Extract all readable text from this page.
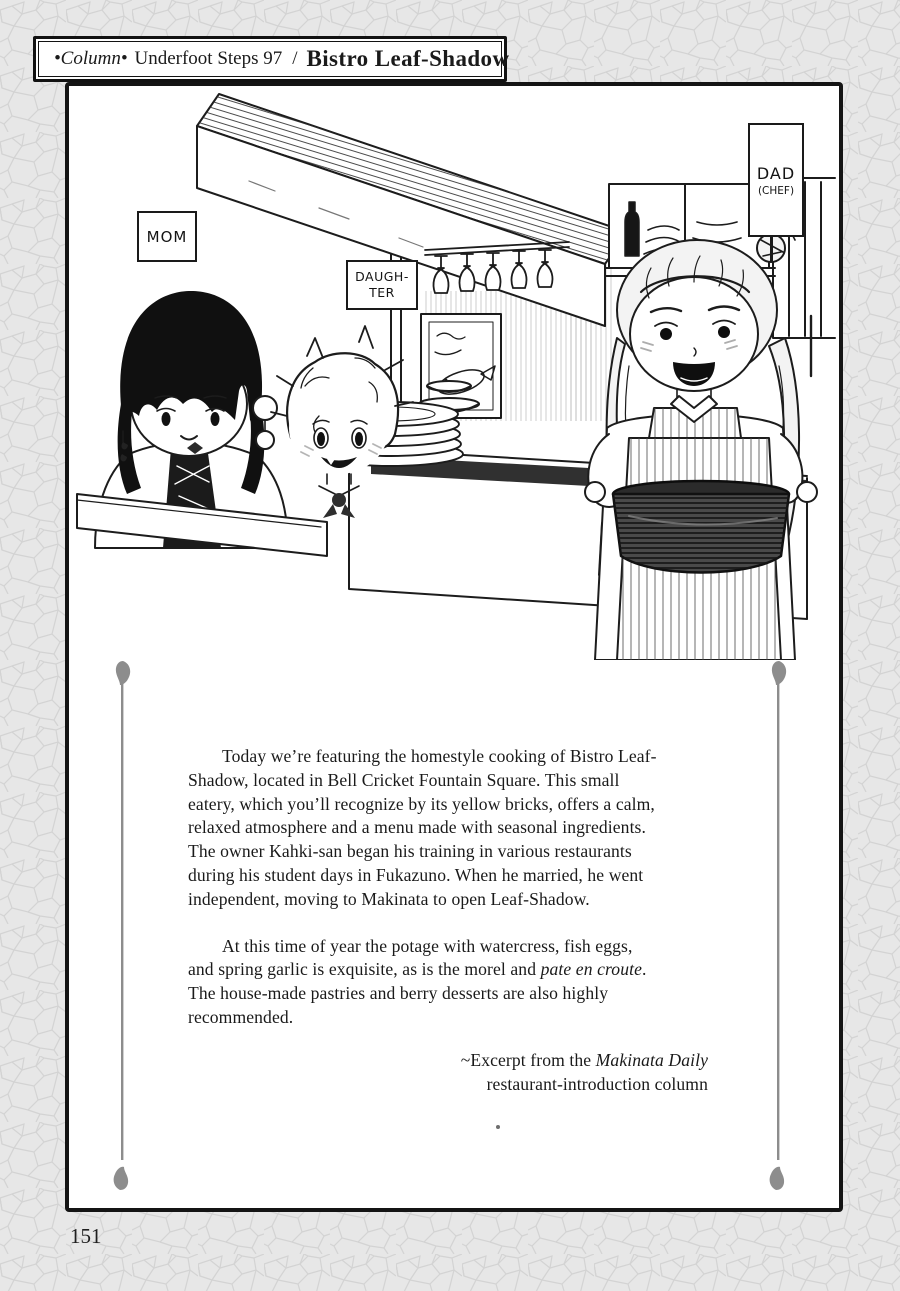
•Column• Underfoot Steps 97 / Bistro Leaf-Shadow
MOM
DAUGH-
TER
DAD
(CHEF)

Today we’re featuring the homestyle cooking of Bistro Leaf-
Shadow, located in Bell Cricket Fountain Square. This small
eatery, which you’ll recognize by its yellow bricks, offers a calm,
relaxed atmosphere and a menu made with seasonal ingredients.
The owner Kahki-san began his training in various restaurants
during his student days in Fukazuno. When he married, he went
independent, moving to Makinata to open Leaf-Shadow.

At this time of year the potage with watercress, fish eggs,
and spring garlic is exquisite, as is the morel and pate en croute.
The house-made pastries and berry desserts are also highly
recommended.

~Excerpt from the Makinata Daily
restaurant-introduction column

151
